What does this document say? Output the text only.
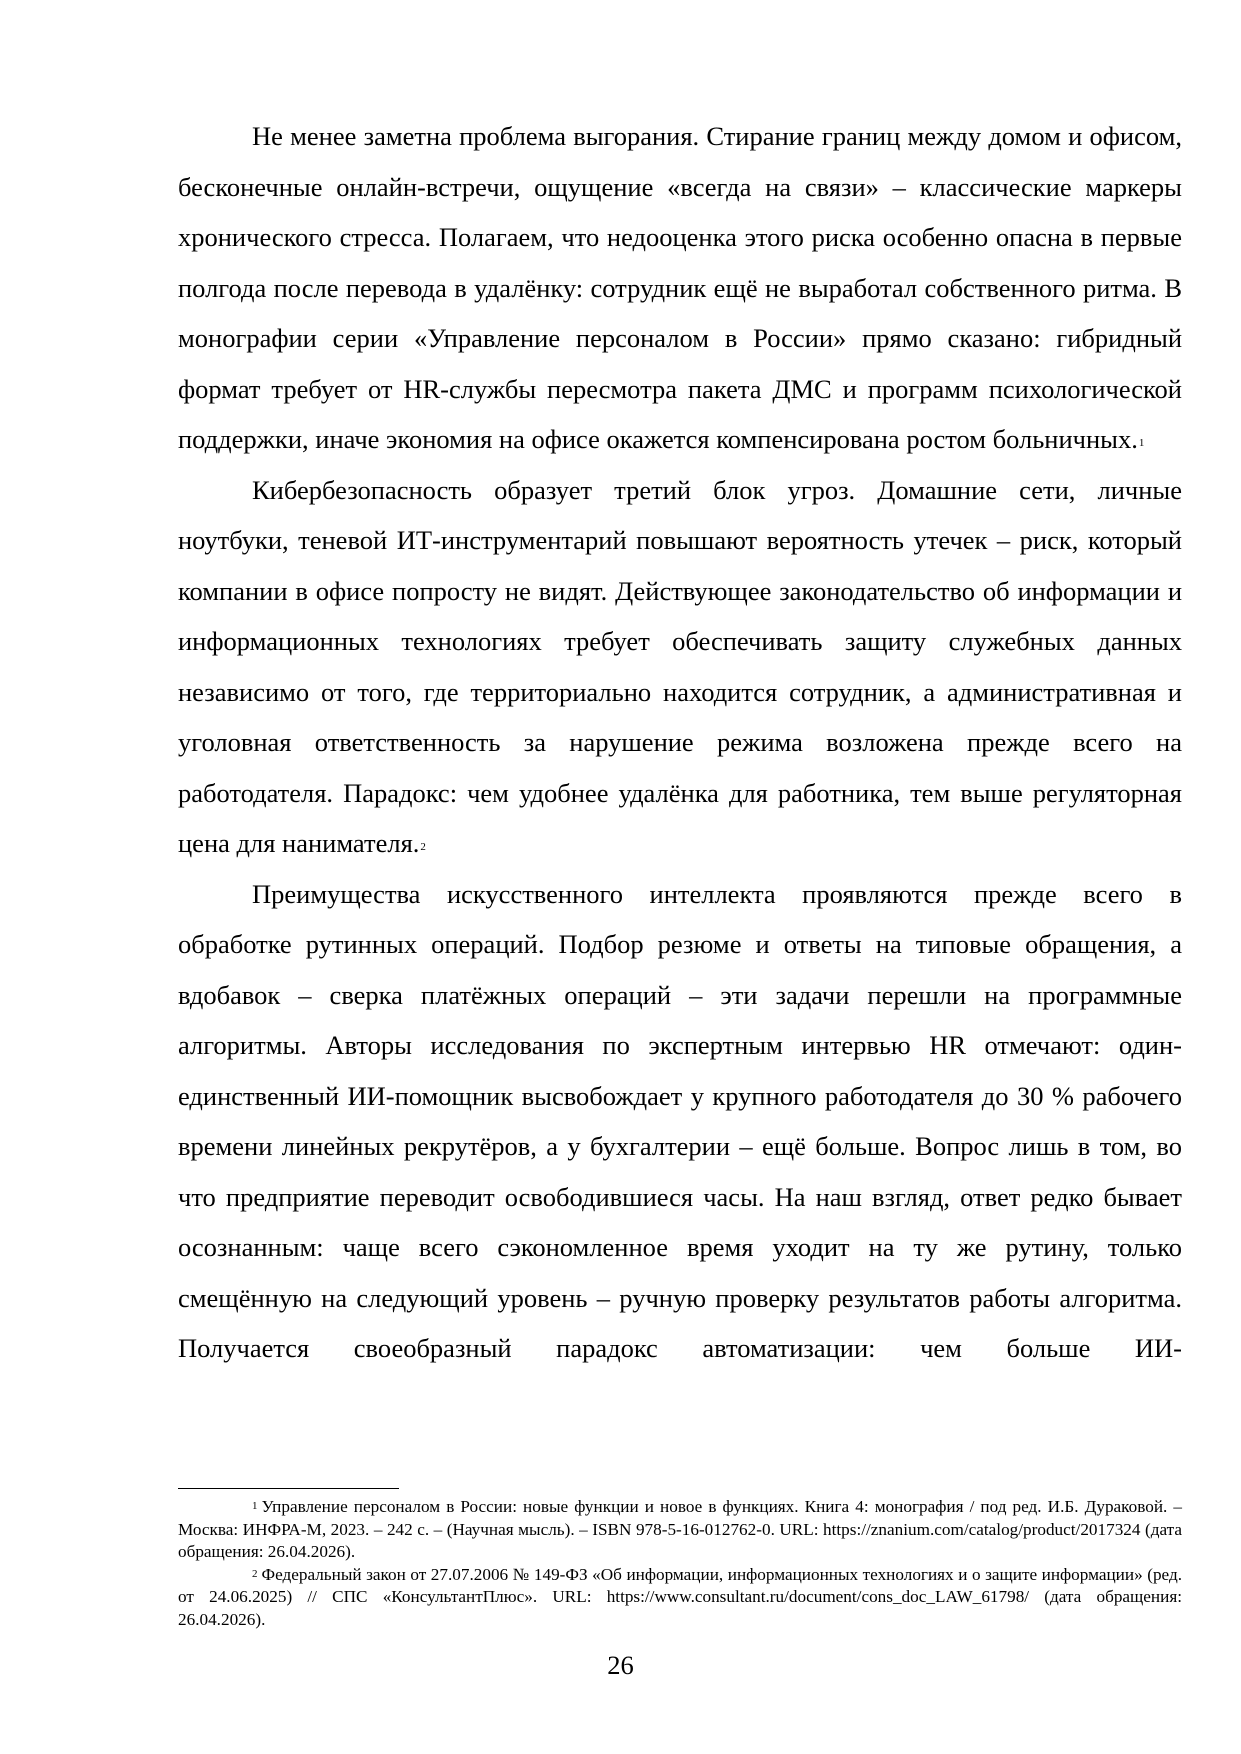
Не менее заметна проблема выгорания. Стирание границ между домом и офисом, бесконечные онлайн-встречи, ощущение «всегда на связи» – классические маркеры хронического стресса. Полагаем, что недооценка этого риска особенно опасна в первые полгода после перевода в удалёнку: сотрудник ещё не выработал собственного ритма. В монографии серии «Управление персоналом в России» прямо сказано: гибридный формат требует от HR-службы пересмотра пакета ДМС и программ психологической поддержки, иначе экономия на офисе окажется компенсирована ростом больничных.$^1$

Кибербезопасность образует третий блок угроз. Домашние сети, личные ноутбуки, теневой ИТ-инструментарий повышают вероятность утечек – риск, который компании в офисе попросту не видят. Действующее законодательство об информации и информационных технологиях требует обеспечивать защиту служебных данных независимо от того, где территориально находится сотрудник, а административная и уголовная ответственность за нарушение режима возложена прежде всего на работодателя. Парадокс: чем удобнее удалёнка для работника, тем выше регуляторная цена для нанимателя.$^2$

Преимущества искусственного интеллекта проявляются прежде всего в обработке рутинных операций. Подбор резюме и ответы на типовые обращения, а вдобавок – сверка платёжных операций – эти задачи перешли на программные алгоритмы. Авторы исследования по экспертным интервью HR отмечают: один-единственный ИИ-помощник высвобождает у крупного работодателя до 30 % рабочего времени линейных рекрутёров, а у бухгалтерии – ещё больше. Вопрос лишь в том, во что предприятие переводит освободившиеся часы. На наш взгляд, ответ редко бывает осознанным: чаще всего сэкономленное время уходит на ту же рутину, только смещённую на следующий уровень – ручную проверку результатов работы алгоритма. Получается своеобразный парадокс автоматизации: чем больше ИИ-

$^1$ Управление персоналом в России: новые функции и новое в функциях. Книга 4: монография / под ред. И.Б. Дураковой. – Москва: ИНФРА-М, 2023. – 242 с. – (Научная мысль). – ISBN 978-5-16-012762-0. URL: https://znanium.com/catalog/product/2017324 (дата обращения: 26.04.2026).

$^2$ Федеральный закон от 27.07.2006 № 149-ФЗ «Об информации, информационных технологиях и о защите информации» (ред. от 24.06.2025) // СПС «КонсультантПлюс». URL: https://www.consultant.ru/document/cons_doc_LAW_61798/ (дата обращения: 26.04.2026).

26
